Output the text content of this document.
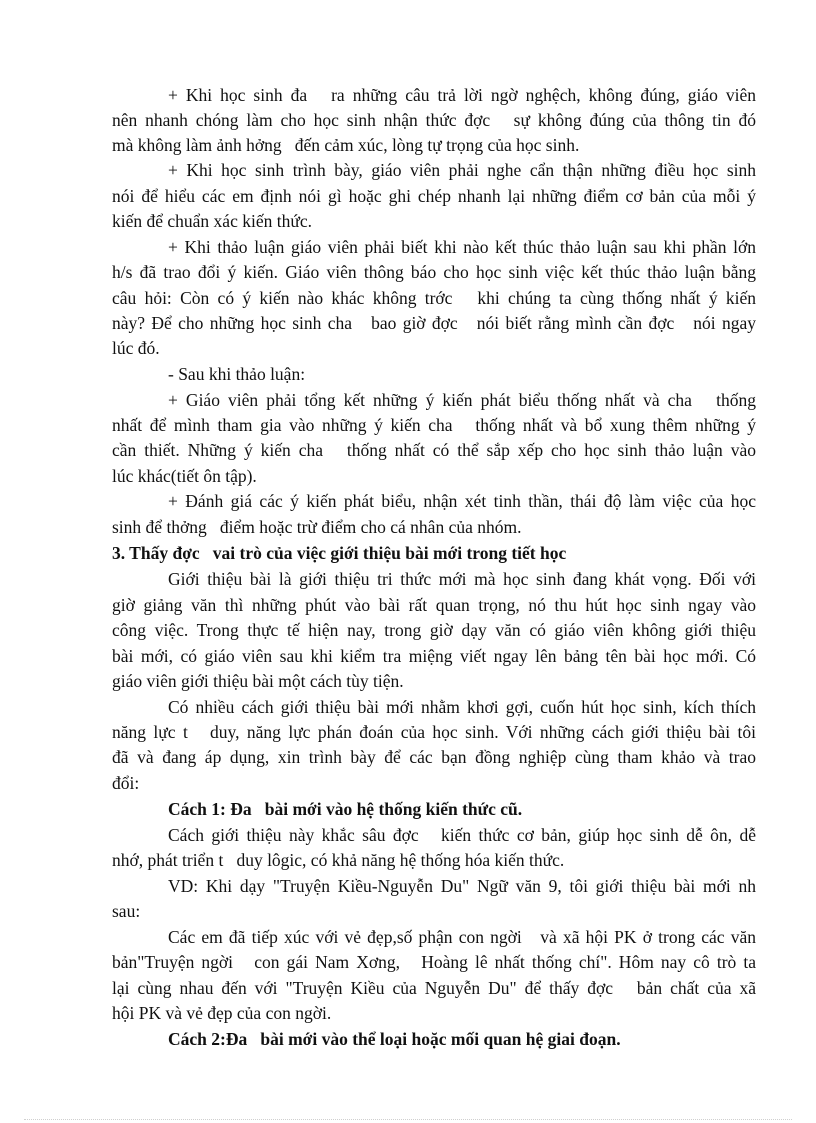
+ Khi học sinh đa   ra những câu trả lời ngờ nghệch, không đúng, giáo viên
nên nhanh chóng làm cho học sinh nhận thức đợc   sự không đúng của thông tin đó
mà không làm ảnh hởng   đến cảm xúc, lòng tự trọng của học sinh.
+ Khi học sinh trình bày, giáo viên phải nghe cẩn thận những điều học sinh
nói để hiểu các em định nói gì hoặc ghi chép nhanh lại những điểm cơ bản của mỗi ý
kiến để chuẩn xác kiến thức.
+ Khi thảo luận giáo viên phải biết khi nào kết thúc thảo luận sau khi phần lớn
h/s đã trao đổi ý kiến. Giáo viên thông báo cho học sinh việc kết thúc thảo luận bằng
câu hỏi: Còn có ý kiến nào khác không trớc   khi chúng ta cùng thống nhất ý kiến
này? Để cho những học sinh cha   bao giờ đợc   nói biết rằng mình cần đợc   nói ngay
lúc đó.
- Sau khi thảo luận:
+ Giáo viên phải tổng kết những ý kiến phát biểu thống nhất và cha   thống
nhất để mình tham gia vào những ý kiến cha   thống nhất và bổ xung thêm những ý
cần thiết. Những ý kiến cha   thống nhất có thể sắp xếp cho học sinh thảo luận vào
lúc khác(tiết ôn tập).
+ Đánh giá các ý kiến phát biểu, nhận xét tinh thần, thái độ làm việc của học
sinh để thởng   điểm hoặc trừ điểm cho cá nhân của nhóm.
3. Thấy đợc   vai trò của việc giới thiệu bài mới trong tiết học
Giới thiệu bài là giới thiệu tri thức mới mà học sinh đang khát vọng. Đối với
giờ giảng văn thì những phút vào bài rất quan trọng, nó thu hút học sinh ngay vào
công việc. Trong thực tế hiện nay, trong giờ dạy văn có giáo viên không giới thiệu
bài mới, có giáo viên sau khi kiểm tra miệng viết ngay lên bảng tên bài học mới. Có
giáo viên giới thiệu bài một cách tùy tiện.
Có nhiều cách giới thiệu bài mới nhằm khơi gợi, cuốn hút học sinh, kích thích
năng lực t   duy, năng lực phán đoán của học sinh. Với những cách giới thiệu bài tôi
đã và đang áp dụng, xin trình bày để các bạn đồng nghiệp cùng tham khảo và trao
đổi:
Cách 1: Đa   bài mới vào hệ thống kiến thức cũ.
Cách giới thiệu này khắc sâu đợc   kiến thức cơ bản, giúp học sinh dễ ôn, dễ
nhớ, phát triển t   duy lôgic, có khả năng hệ thống hóa kiến thức.
VD: Khi dạy "Truyện Kiều-Nguyễn Du" Ngữ văn 9, tôi giới thiệu bài mới nh
sau:
Các em đã tiếp xúc với vẻ đẹp,số phận con ngời   và xã hội PK ở trong các văn
bản"Truyện ngời   con gái Nam Xơng,   Hoàng lê nhất thống chí". Hôm nay cô trò ta
lại cùng nhau đến với "Truyện Kiều của Nguyễn Du" để thấy đợc   bản chất của xã
hội PK và vẻ đẹp của con ngời.
Cách 2:Đa   bài mới vào thể loại hoặc mối quan hệ giai đoạn.
